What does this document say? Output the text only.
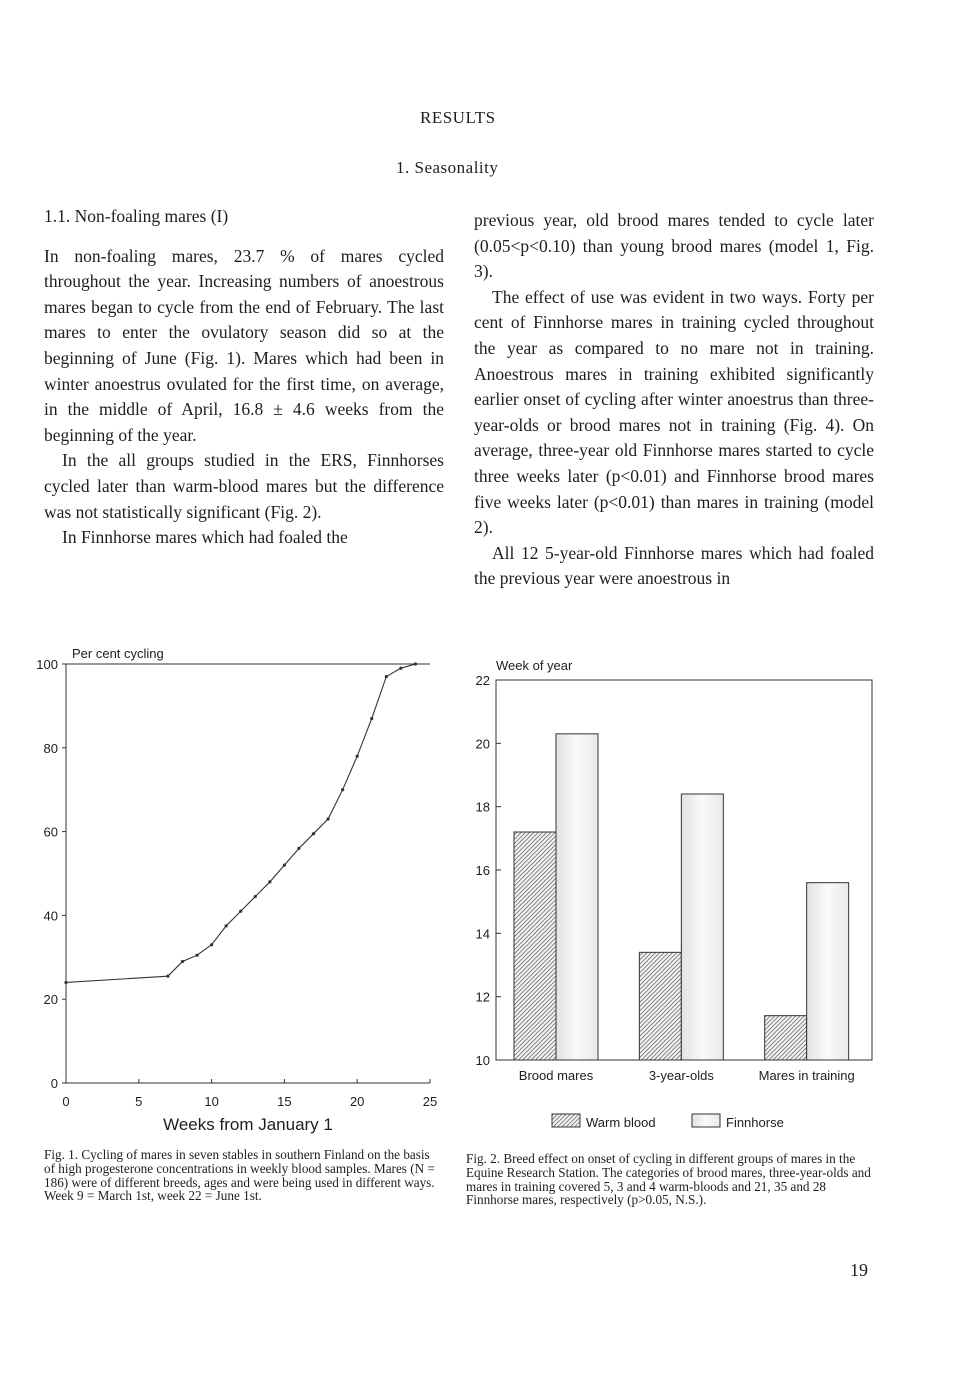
RESULTS
1. Seasonality

1.1. Non-foaling mares (I)

In non-foaling mares, 23.7 % of mares cycled throughout the year. Increasing numbers of anoestrous mares began to cycle from the end of February. The last mares to enter the ovulatory season did so at the beginning of June (Fig. 1). Mares which had been in winter anoestrus ovulated for the first time, on average, in the middle of April, 16.8 ± 4.6 weeks from the beginning of the year.

In the all groups studied in the ERS, Finnhorses cycled later than warm-blood mares but the difference was not statistically significant (Fig. 2).

In Finnhorse mares which had foaled the

previous year, old brood mares tended to cycle later (0.05<p<0.10) than young brood mares (model 1, Fig. 3).

The effect of use was evident in two ways. Forty per cent of Finnhorse mares in training cycled throughout the year as compared to no mare not in training. Anoestrous mares in training exhibited significantly earlier onset of cycling after winter anoestrus than three-year-olds or brood mares not in training (Fig. 4). On average, three-year old Finnhorse mares started to cycle three weeks later (p<0.01) and Finnhorse brood mares five weeks later (p<0.01) than mares in training (model 2).

All 12 5-year-old Finnhorse mares which had foaled the previous year were anoestrous in

0
20
40
60
80
100
0	5	10	15	20	25
Per cent cycling
Weeks from January 1
10
12
14
16
18
20
22
Week of year
Brood mares	3-year-olds	Mares in training
Warm blood	Finnhorse
Fig. 1. Cycling of mares in seven stables in southern Finland on the basis of high progesterone concentrations in weekly blood samples. Mares (N = 186) were of different breeds, ages and were being used in different ways. Week 9 = March 1st, week 22 = June 1st.
Fig. 2. Breed effect on onset of cycling in different groups of mares in the Equine Research Station. The categories of brood mares, three-year-olds and mares in training covered 5, 3 and 4 warm-bloods and 21, 35 and 28 Finnhorse mares, respectively (p>0.05, N.S.).
19
